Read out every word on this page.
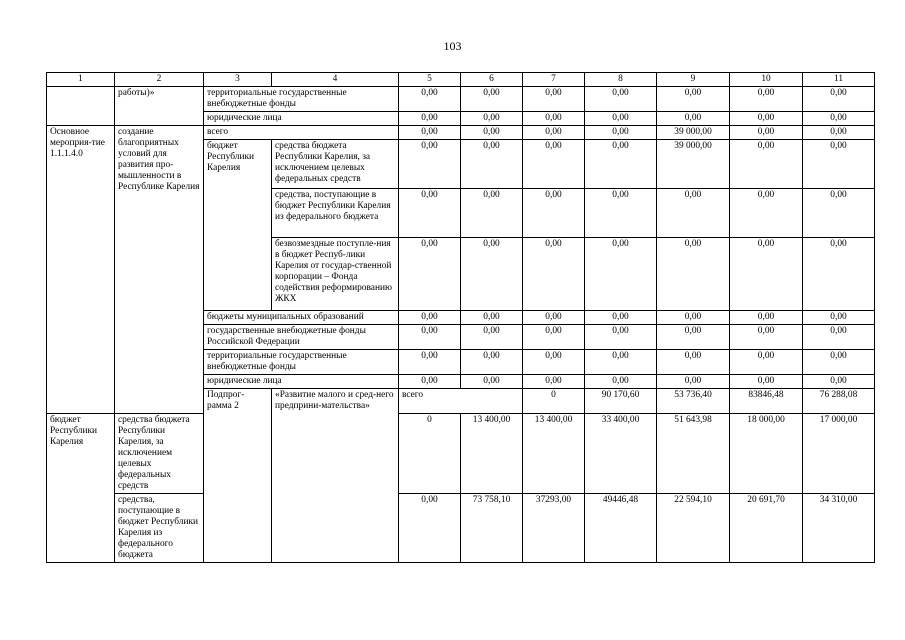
103
1	2	3	4	5	6	7	8	9	10	11	
	работы)»	территориальные государственные внебюджетные фонды		0,00	0,00	0,00	0,00	0,00	0,00	0,00	
		юридические лица		0,00	0,00	0,00	0,00	0,00	0,00	0,00	
Основное мероприя-тие 1.1.1.4.0	создание благоприятных условий для развития про-мышленности в Республике Карелия	всего		0,00	0,00	0,00	0,00	39 000,00	0,00	0,00	
		бюджет Республики Карелия	средства бюджета Республики Карелия, за исключением целевых федеральных средств	0,00	0,00	0,00	0,00	39 000,00	0,00	0,00	
			средства, поступающие в бюджет Республики Карелия из федерального бюджета	0,00	0,00	0,00	0,00	0,00	0,00	0,00	
			безвозмездные поступле-ния в бюджет Респуб-лики Карелия от государ-ственной корпорации – Фонда содействия реформированию ЖКХ	0,00	0,00	0,00	0,00	0,00	0,00	0,00	
		бюджеты муниципальных образований		0,00	0,00	0,00	0,00	0,00	0,00	0,00	
		государственные внебюджетные фонды Российской Федерации		0,00	0,00	0,00	0,00	0,00	0,00	0,00	
		территориальные государственные внебюджетные фонды		0,00	0,00	0,00	0,00	0,00	0,00	0,00	
		юридические лица		0,00	0,00	0,00	0,00	0,00	0,00	0,00	
		Подпрог-рамма 2	«Развитие малого и сред-него предприни-мательства»	всего		0	90 170,60	53 736,40	83846,48	76 288,08		
бюджет Республики Карелия	средства бюджета Республики Карелия, за исключением целевых федеральных средств			0	13 400,00	13 400,00	33 400,00	51 643,98	18 000,00	17 000,00	
	средства, поступающие в бюджет Республики Карелия из федерального бюджета			0,00	73 758,10	37293,00	49446,48	22 594,10	20 691,70	34 310,00	
